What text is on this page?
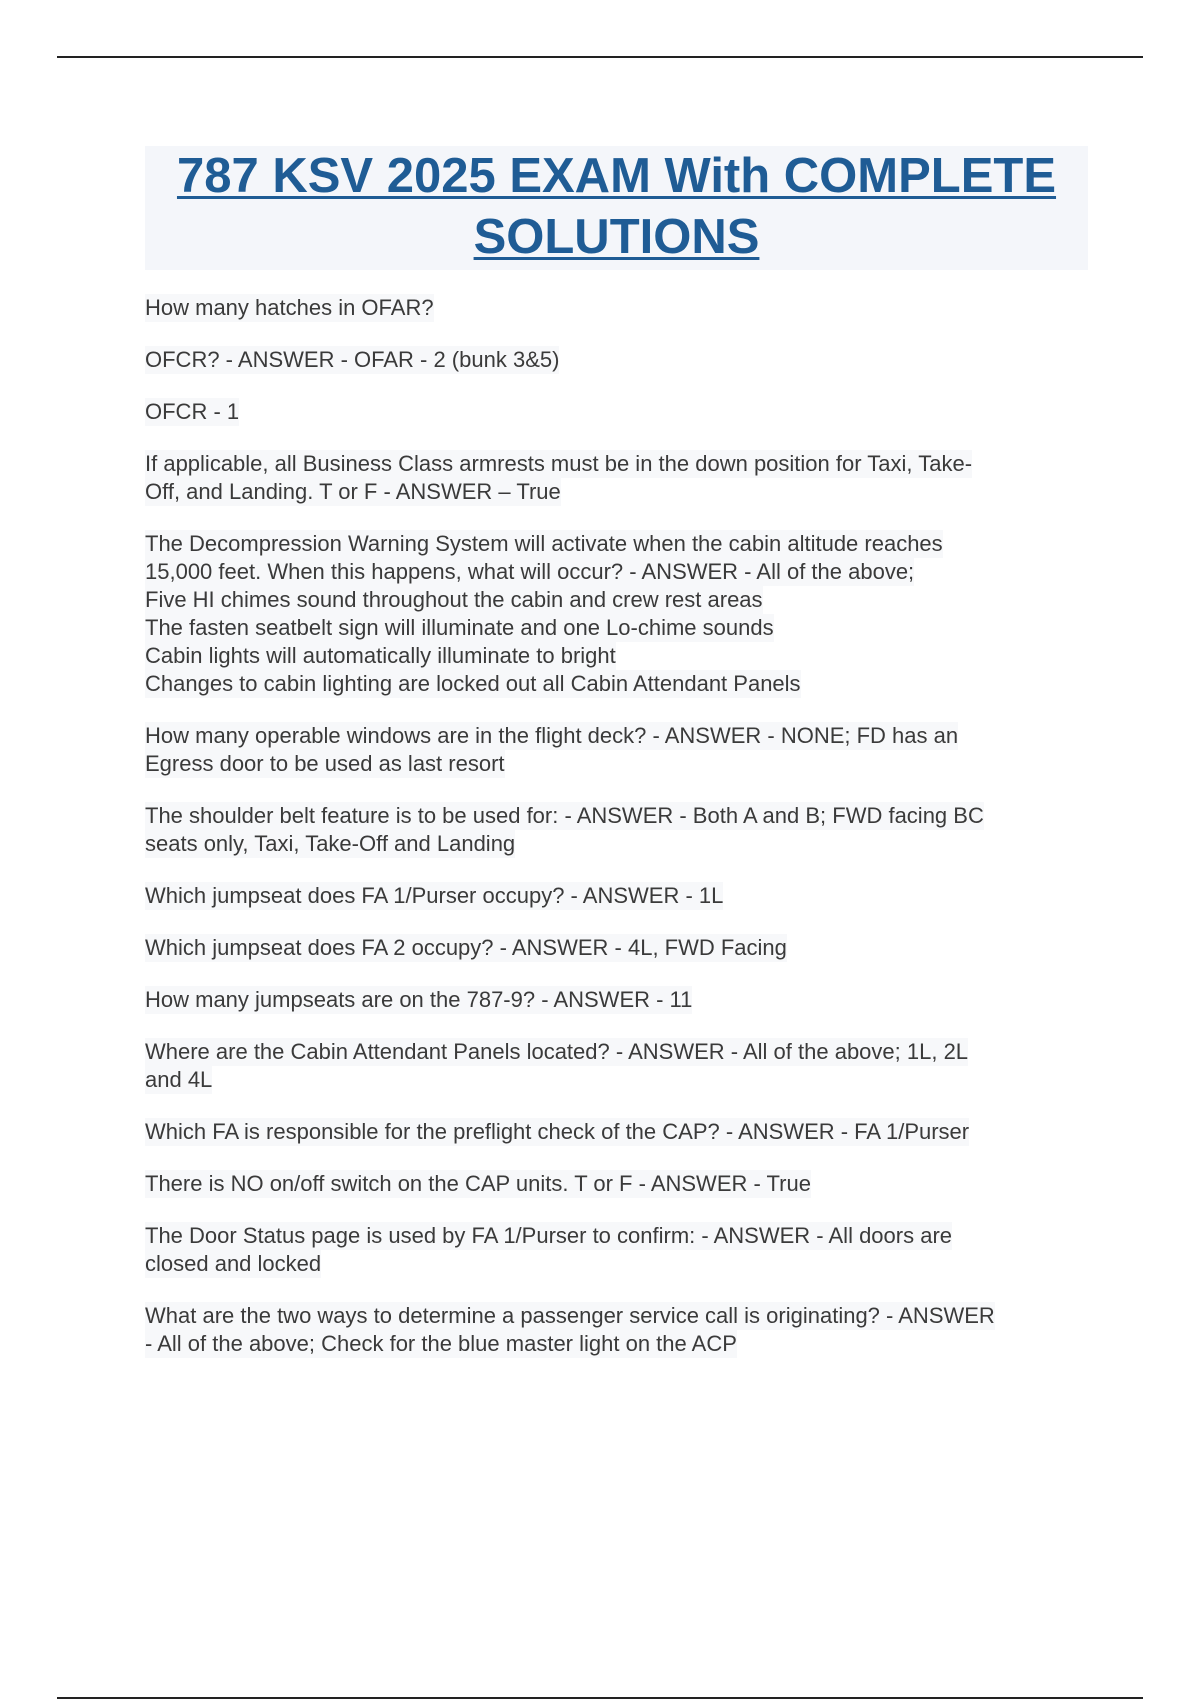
787 KSV 2025 EXAM With COMPLETE
SOLUTIONS

How many hatches in OFAR?

OFCR? - ANSWER - OFAR - 2 (bunk 3&5)

OFCR - 1

If applicable, all Business Class armrests must be in the down position for Taxi, Take-
Off, and Landing. T or F - ANSWER – True

The Decompression Warning System will activate when the cabin altitude reaches
15,000 feet. When this happens, what will occur? - ANSWER - All of the above;
Five HI chimes sound throughout the cabin and crew rest areas
The fasten seatbelt sign will illuminate and one Lo-chime sounds
Cabin lights will automatically illuminate to bright
Changes to cabin lighting are locked out all Cabin Attendant Panels

How many operable windows are in the flight deck? - ANSWER - NONE; FD has an
Egress door to be used as last resort

The shoulder belt feature is to be used for: - ANSWER - Both A and B; FWD facing BC
seats only, Taxi, Take-Off and Landing

Which jumpseat does FA 1/Purser occupy? - ANSWER - 1L

Which jumpseat does FA 2 occupy? - ANSWER - 4L, FWD Facing

How many jumpseats are on the 787-9? - ANSWER - 11

Where are the Cabin Attendant Panels located? - ANSWER - All of the above; 1L, 2L
and 4L

Which FA is responsible for the preflight check of the CAP? - ANSWER - FA 1/Purser

There is NO on/off switch on the CAP units. T or F - ANSWER - True

The Door Status page is used by FA 1/Purser to confirm: - ANSWER - All doors are
closed and locked

What are the two ways to determine a passenger service call is originating? - ANSWER
- All of the above; Check for the blue master light on the ACP
